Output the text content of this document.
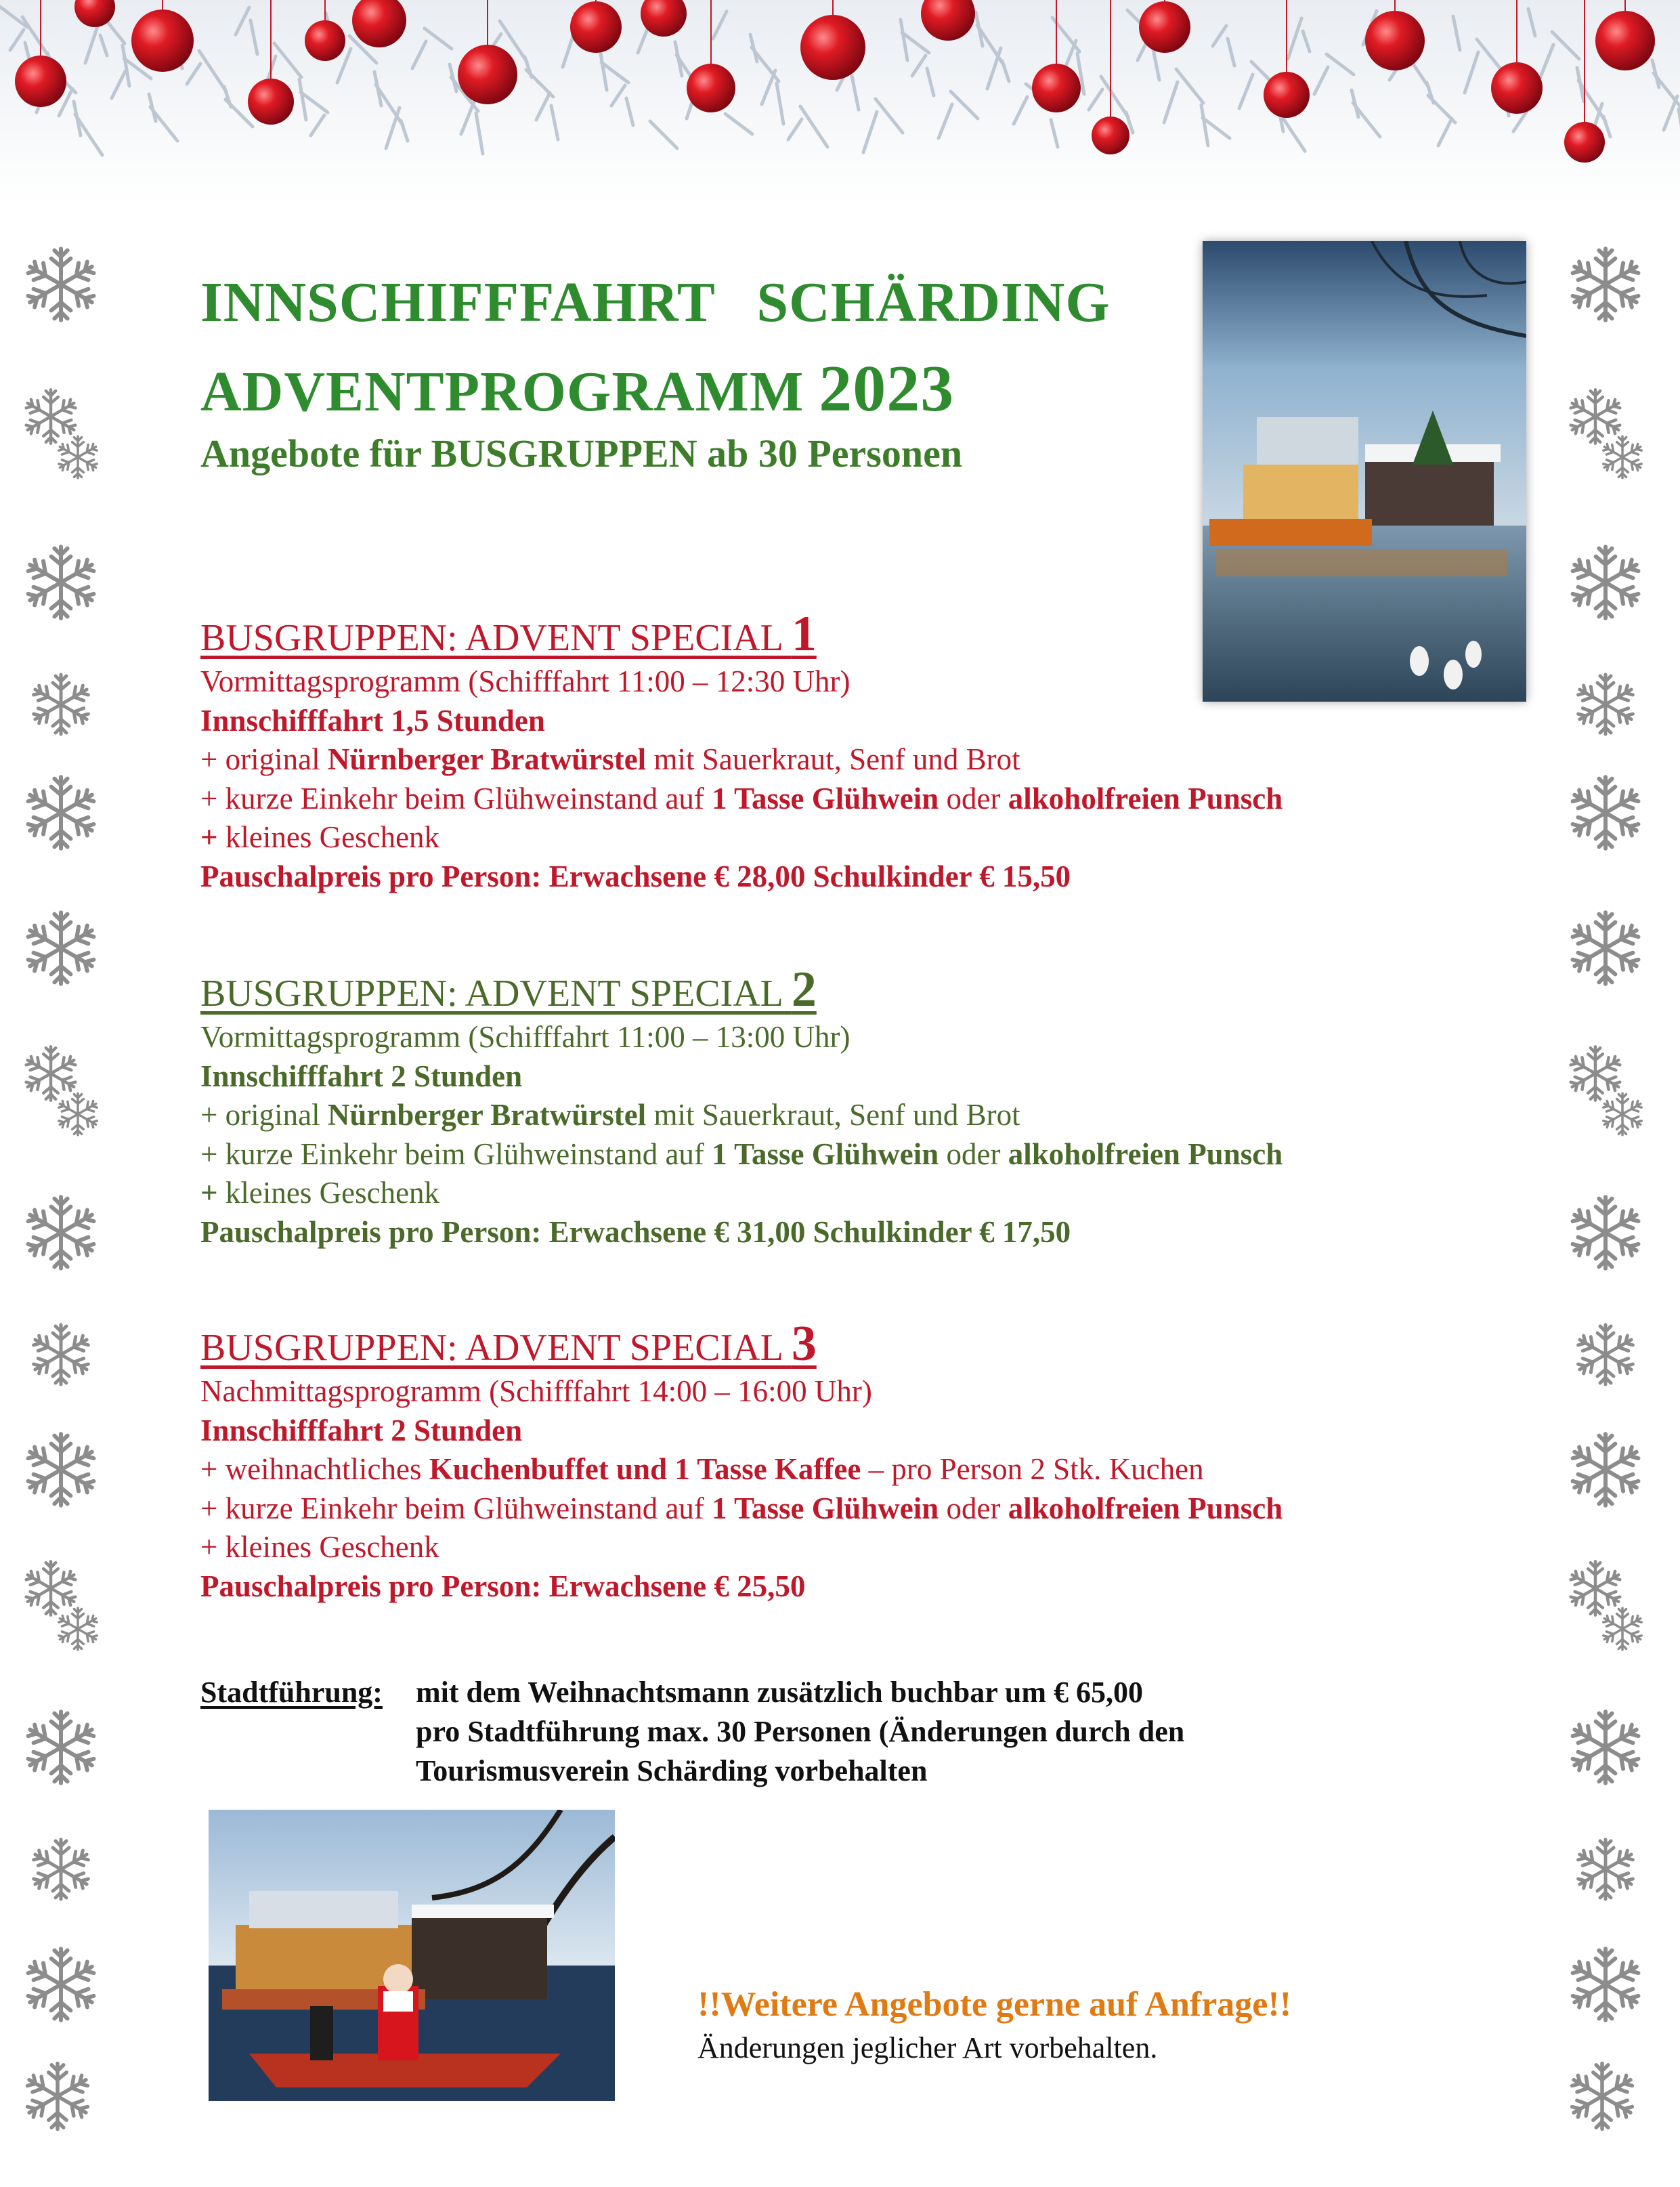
INNSCHIFFFAHRT SCHÄRDING
ADVENTPROGRAMM 2023
Angebote für BUSGRUPPEN ab 30 Personen
BUSGRUPPEN: ADVENT SPECIAL 1
Vormittagsprogramm (Schifffahrt 11:00 – 12:30 Uhr)
Innschifffahrt 1,5 Stunden
+ original Nürnberger Bratwürstel mit Sauerkraut, Senf und Brot
+ kurze Einkehr beim Glühweinstand auf 1 Tasse Glühwein oder alkoholfreien Punsch
+ kleines Geschenk
Pauschalpreis pro Person: Erwachsene € 28,00 Schulkinder € 15,50
BUSGRUPPEN: ADVENT SPECIAL 2
Vormittagsprogramm (Schifffahrt 11:00 – 13:00 Uhr)
Innschifffahrt 2 Stunden
+ original Nürnberger Bratwürstel mit Sauerkraut, Senf und Brot
+ kurze Einkehr beim Glühweinstand auf 1 Tasse Glühwein oder alkoholfreien Punsch
+ kleines Geschenk
Pauschalpreis pro Person: Erwachsene € 31,00 Schulkinder € 17,50
BUSGRUPPEN: ADVENT SPECIAL 3
Nachmittagsprogramm (Schifffahrt 14:00 – 16:00 Uhr)
Innschifffahrt 2 Stunden
+ weihnachtliches Kuchenbuffet und 1 Tasse Kaffee – pro Person 2 Stk. Kuchen
+ kurze Einkehr beim Glühweinstand auf 1 Tasse Glühwein oder alkoholfreien Punsch
+ kleines Geschenk
Pauschalpreis pro Person: Erwachsene € 25,50
Stadtführung: mit dem Weihnachtsmann zusätzlich buchbar um € 65,00
pro Stadtführung max. 30 Personen (Änderungen durch den
Tourismusverein Schärding vorbehalten
!!Weitere Angebote gerne auf Anfrage!!
Änderungen jeglicher Art vorbehalten.
